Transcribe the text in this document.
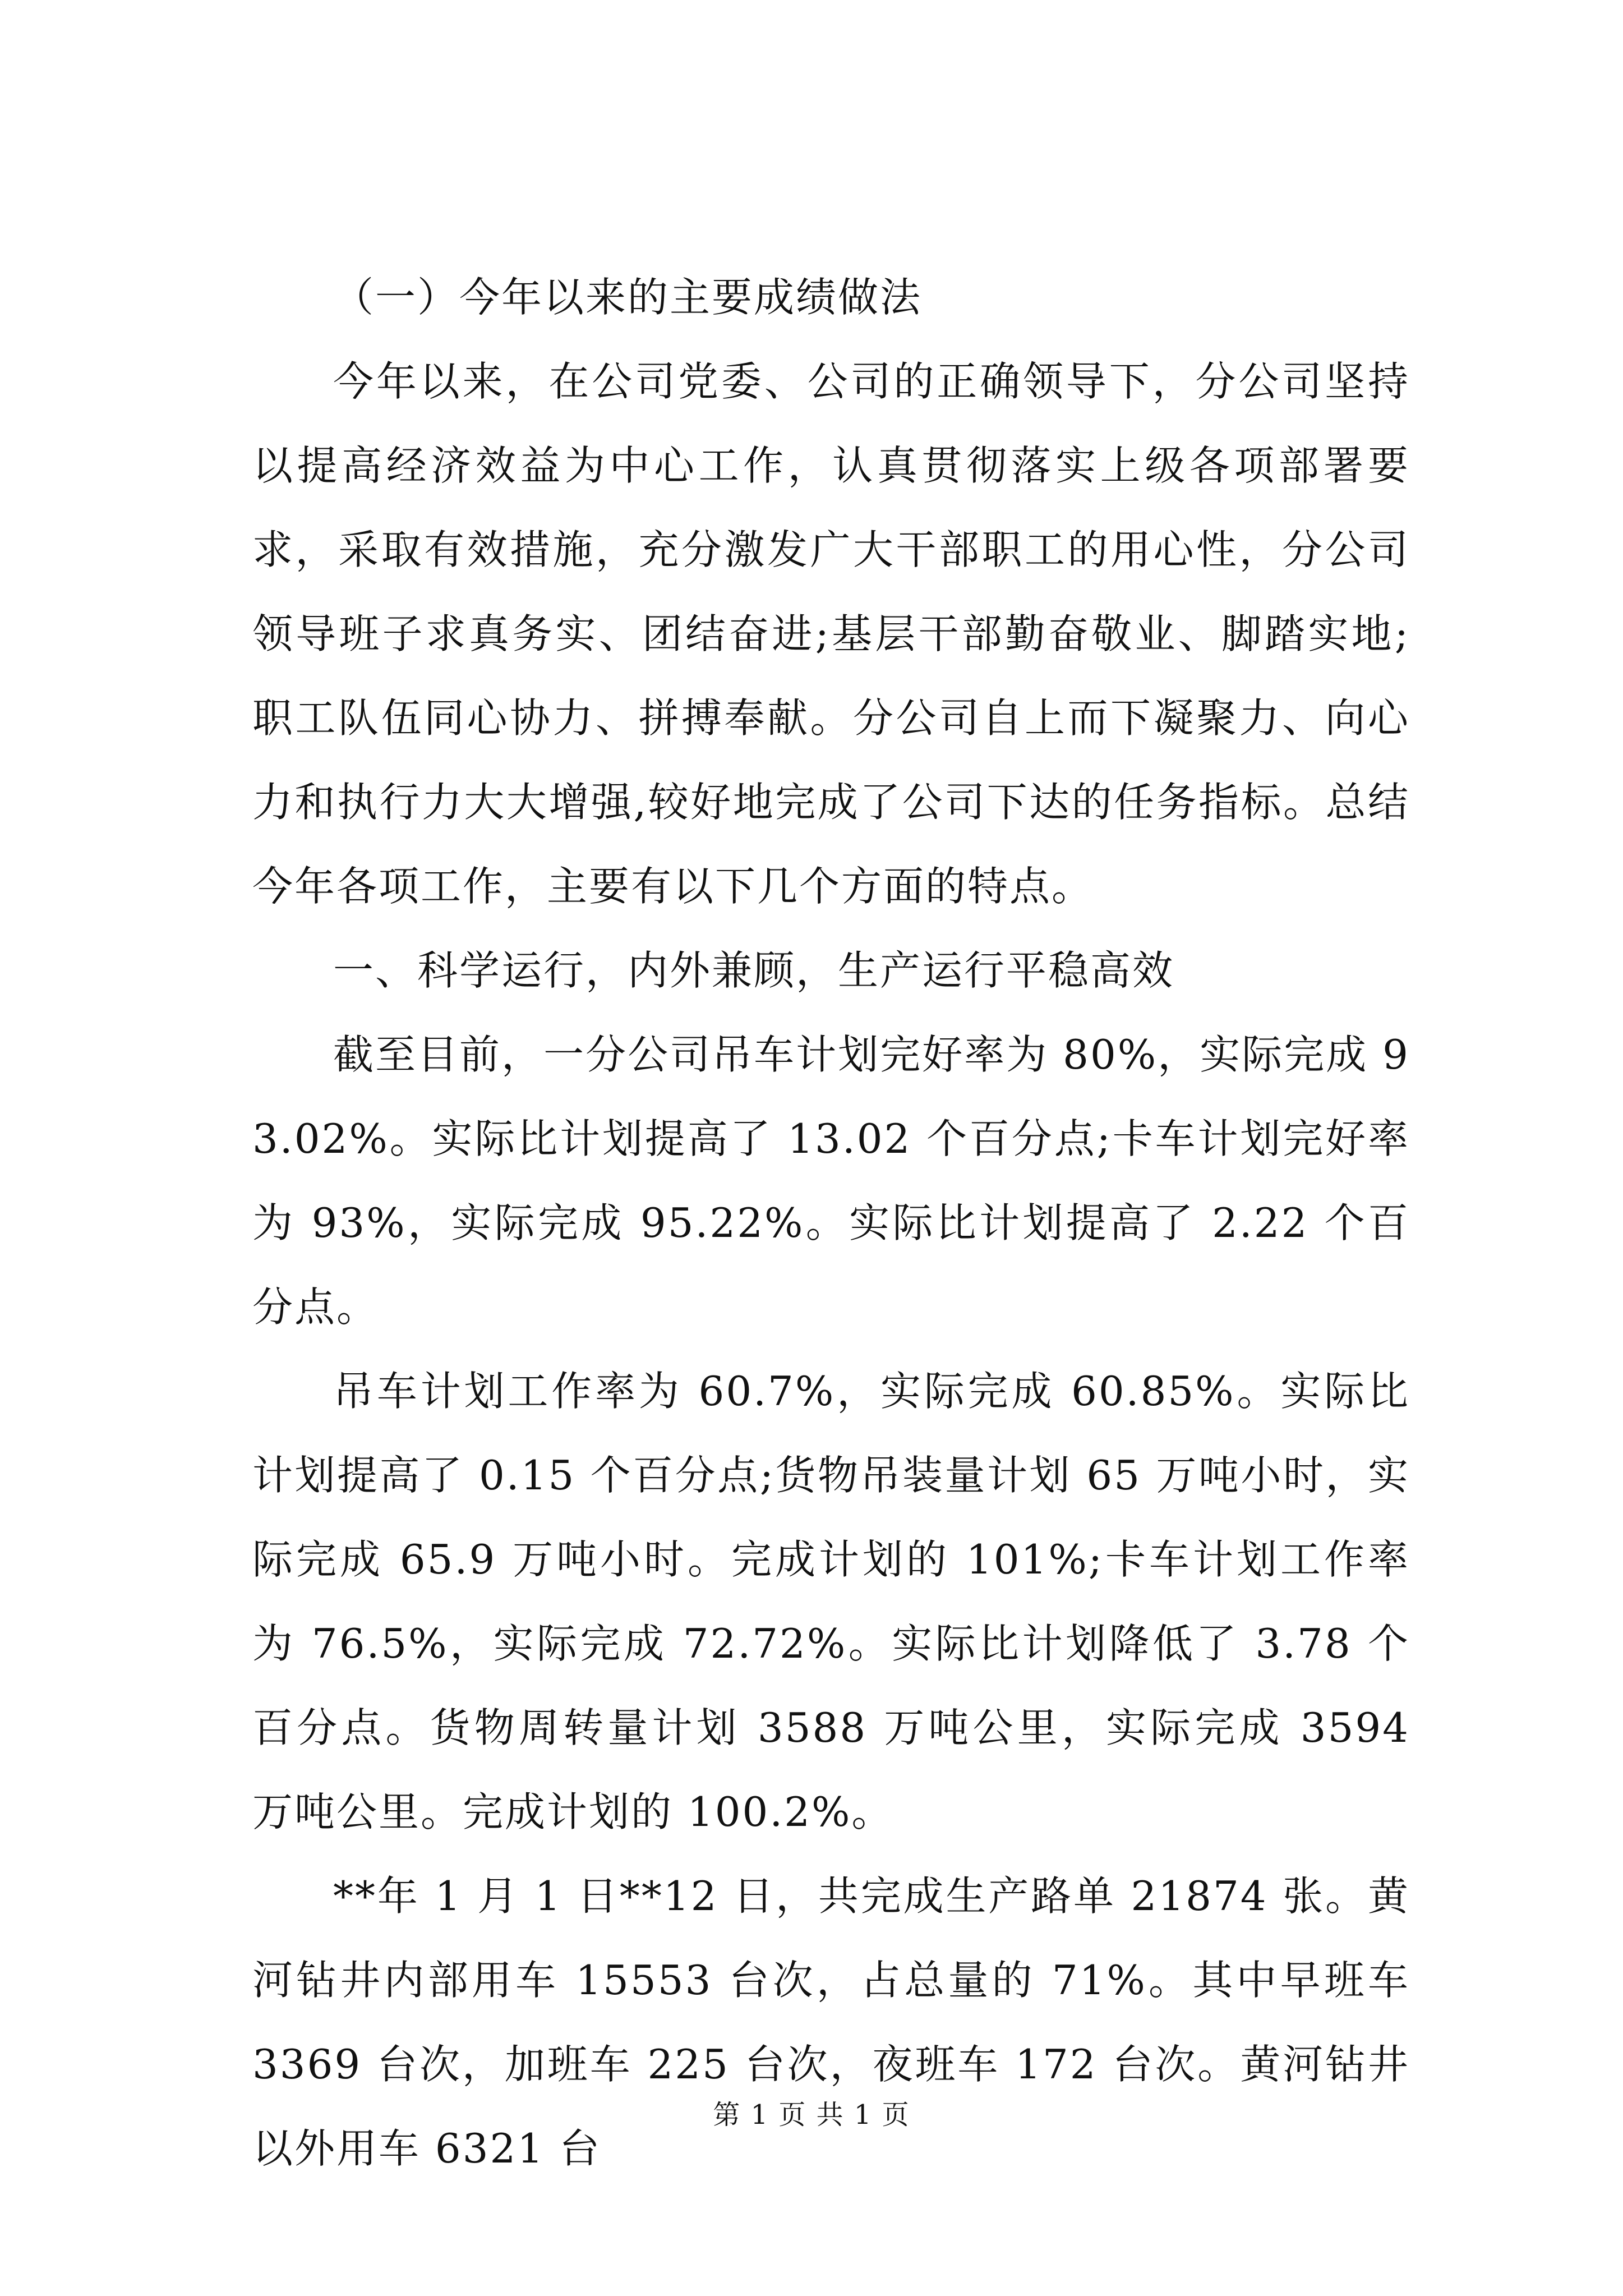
（一）今年以来的主要成绩做法

今年以来，在公司党委、公司的正确领导下，分公司坚持以提高经济效益为中心工作，认真贯彻落实上级各项部署要求，采取有效措施，充分激发广大干部职工的用心性，分公司领导班子求真务实、团结奋进;基层干部勤奋敬业、脚踏实地;职工队伍同心协力、拼搏奉献。分公司自上而下凝聚力、向心力和执行力大大增强,较好地完成了公司下达的任务指标。总结今年各项工作，主要有以下几个方面的特点。

一、科学运行，内外兼顾，生产运行平稳高效

截至目前，一分公司吊车计划完好率为 80%，实际完成 93.02%。实际比计划提高了 13.02 个百分点;卡车计划完好率为 93%，实际完成 95.22%。实际比计划提高了 2.22 个百分点。

吊车计划工作率为 60.7%，实际完成 60.85%。实际比计划提高了 0.15 个百分点;货物吊装量计划 65 万吨小时，实际完成 65.9 万吨小时。完成计划的 101%;卡车计划工作率为 76.5%，实际完成 72.72%。实际比计划降低了 3.78 个百分点。货物周转量计划 3588 万吨公里，实际完成 3594 万吨公里。完成计划的 100.2%。

**年 1 月 1 日**12 日，共完成生产路单 21874 张。黄河钻井内部用车 15553 台次，占总量的 71%。其中早班车 3369 台次，加班车 225 台次，夜班车 172 台次。黄河钻井以外用车 6321 台

第 1 页 共 1 页
